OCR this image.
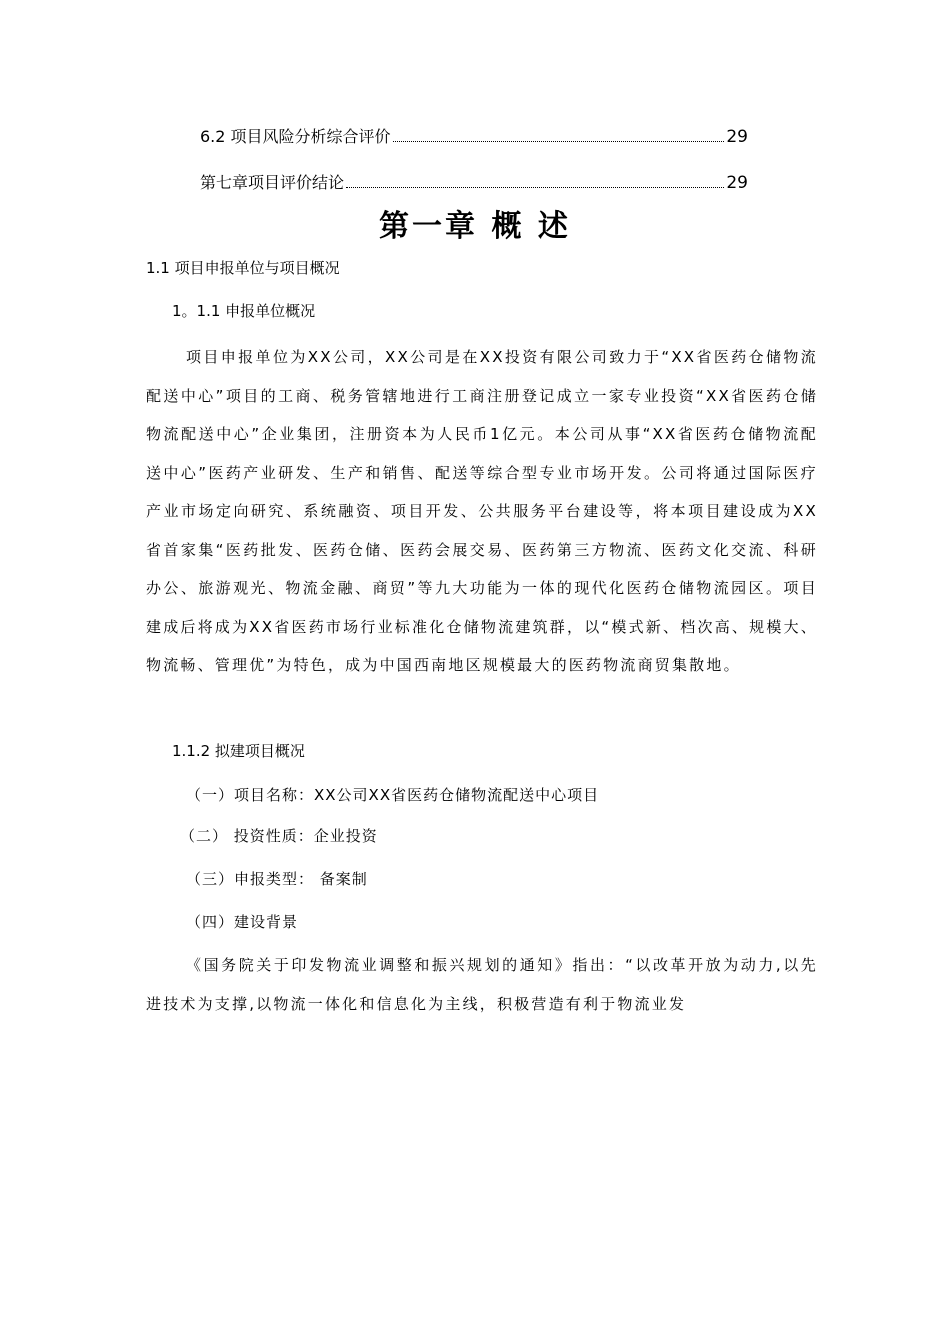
6.2 项目风险分析综合评价	29
第七章项目评价结论	29
第一章 概 述
1.1 项目申报单位与项目概况
1。1.1 申报单位概况

项目申报单位为XX公司，XX公司是在XX投资有限公司致力于“XX省医药仓储物流配送中心”项目的工商、税务管辖地进行工商注册登记成立一家专业投资“XX省医药仓储物流配送中心”企业集团，注册资本为人民币1亿元。本公司从事“XX省医药仓储物流配送中心”医药产业研发、生产和销售、配送等综合型专业市场开发。公司将通过国际医疗产业市场定向研究、系统融资、项目开发、公共服务平台建设等，将本项目建设成为XX省首家集“医药批发、医药仓储、医药会展交易、医药第三方物流、医药文化交流、科研办公、旅游观光、物流金融、商贸”等九大功能为一体的现代化医药仓储物流园区。项目建成后将成为XX省医药市场行业标准化仓储物流建筑群，以“模式新、档次高、规模大、物流畅、管理优”为特色，成为中国西南地区规模最大的医药物流商贸集散地。

1.1.2 拟建项目概况
（一）项目名称：XX公司XX省医药仓储物流配送中心项目
（二） 投资性质：企业投资
（三）申报类型： 备案制
（四）建设背景

《国务院关于印发物流业调整和振兴规划的通知》指出：“以改革开放为动力,以先进技术为支撑,以物流一体化和信息化为主线，积极营造有利于物流业发
